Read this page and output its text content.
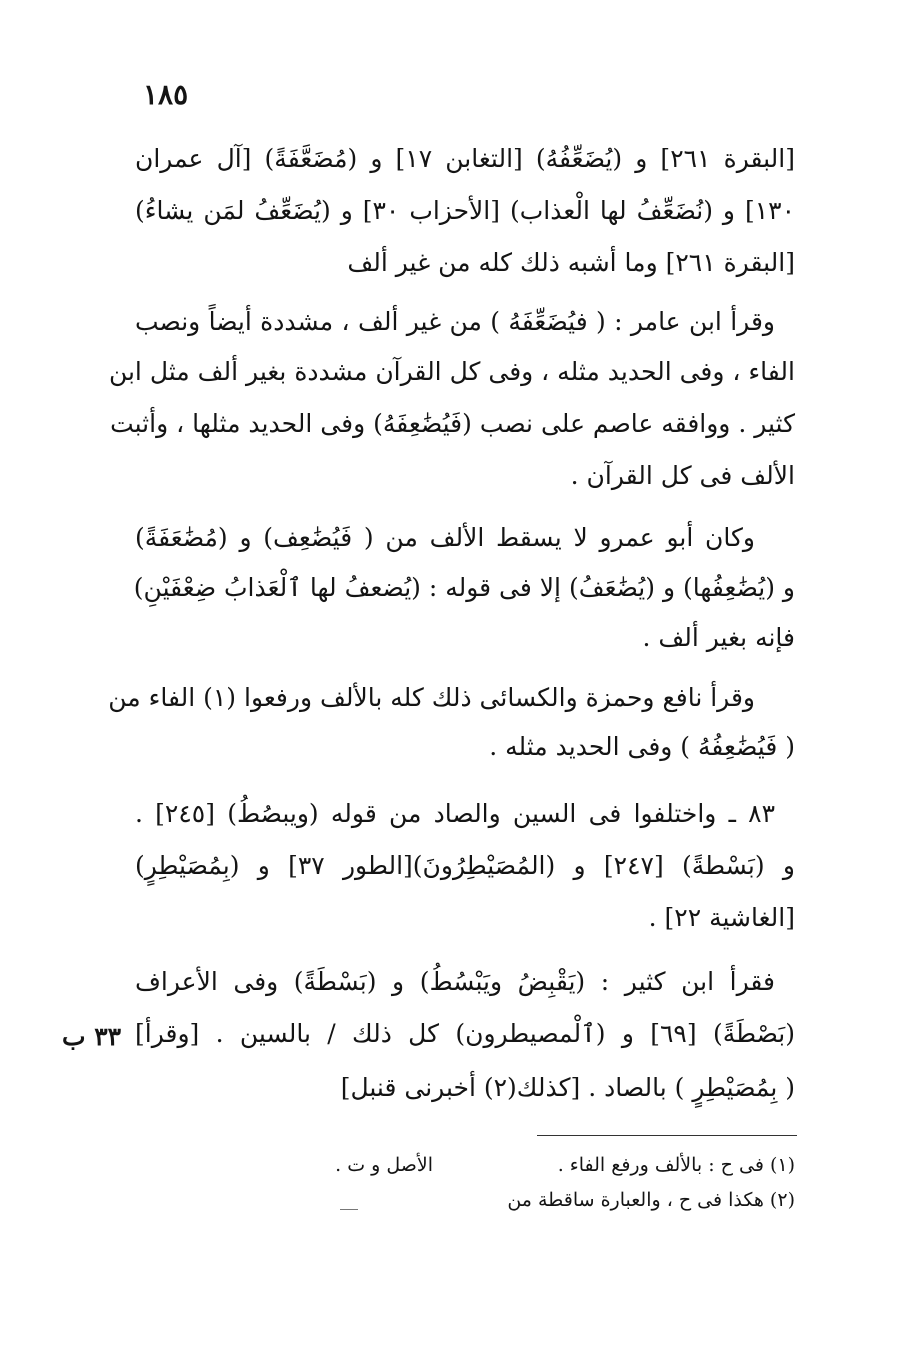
١٨٥
[البقرة ٢٦١] و (يُضَعِّفُهُ) [التغابن ١٧] و (مُضَعَّفَةً) [آل عمران
١٣٠] و (نُضَعِّفُ لها الْعذاب) [الأحزاب ٣٠] و (يُضَعِّفُ لمَن يشاءُ)
[البقرة ٢٦١] وما أشبه ذلك كله من غير ألف
وقرأ ابن عامر : ( فيُضَعِّفَهُ ) من غير ألف ، مشددة أيضاً ونصب
الفاء ، وفى الحديد مثله ، وفى كل القرآن مشددة بغير ألف مثل ابن
كثير . ووافقه عاصم على نصب (فَيُضَٰعِفَهُ) وفى الحديد مثلها ، وأثبت
الألف فى كل القرآن .
وكان أبو عمرو لا يسقط الألف من ( فَيُضَٰعِف) و (مُضَٰعَفَةً)
و (يُضَٰعِفُها) و (يُضَٰعَفُ) إلا فى قوله : (يُضعفُ لها ٱلْعَذابُ ضِعْفَيْنِ)
فإنه بغير ألف .
وقرأ نافع وحمزة والكسائى ذلك كله بالألف ورفعوا (١) الفاء من
( فَيُضَٰعِفُهُ ) وفى الحديد مثله .
٨٣ ـ واختلفوا فى السين والصاد من قوله (ويبصُطُ) [٢٤٥] .
و (بَسْطةً) [٢٤٧] و (المُصَيْطِرُونَ)[الطور ٣٧] و (بِمُصَيْطِرٍ)
[الغاشية ٢٢] .
فقرأ ابن كثير : (يَقْبِضُ ويَبْسُطُ) و (بَسْطَةً) وفى الأعراف
(بَصْطَةً) [٦٩] و (ٱلْمصيطرون) كل ذلك / بالسين . [وقرأ]
( بِمُصَيْطِرٍ ) بالصاد . [كذلك(٢) أخبرنى قنبل]
٣٣ ب
(١) فى ح : بالألف ورفع الفاء .
الأصل و ت .
(٢) هكذا فى ح ، والعبارة ساقطة من
